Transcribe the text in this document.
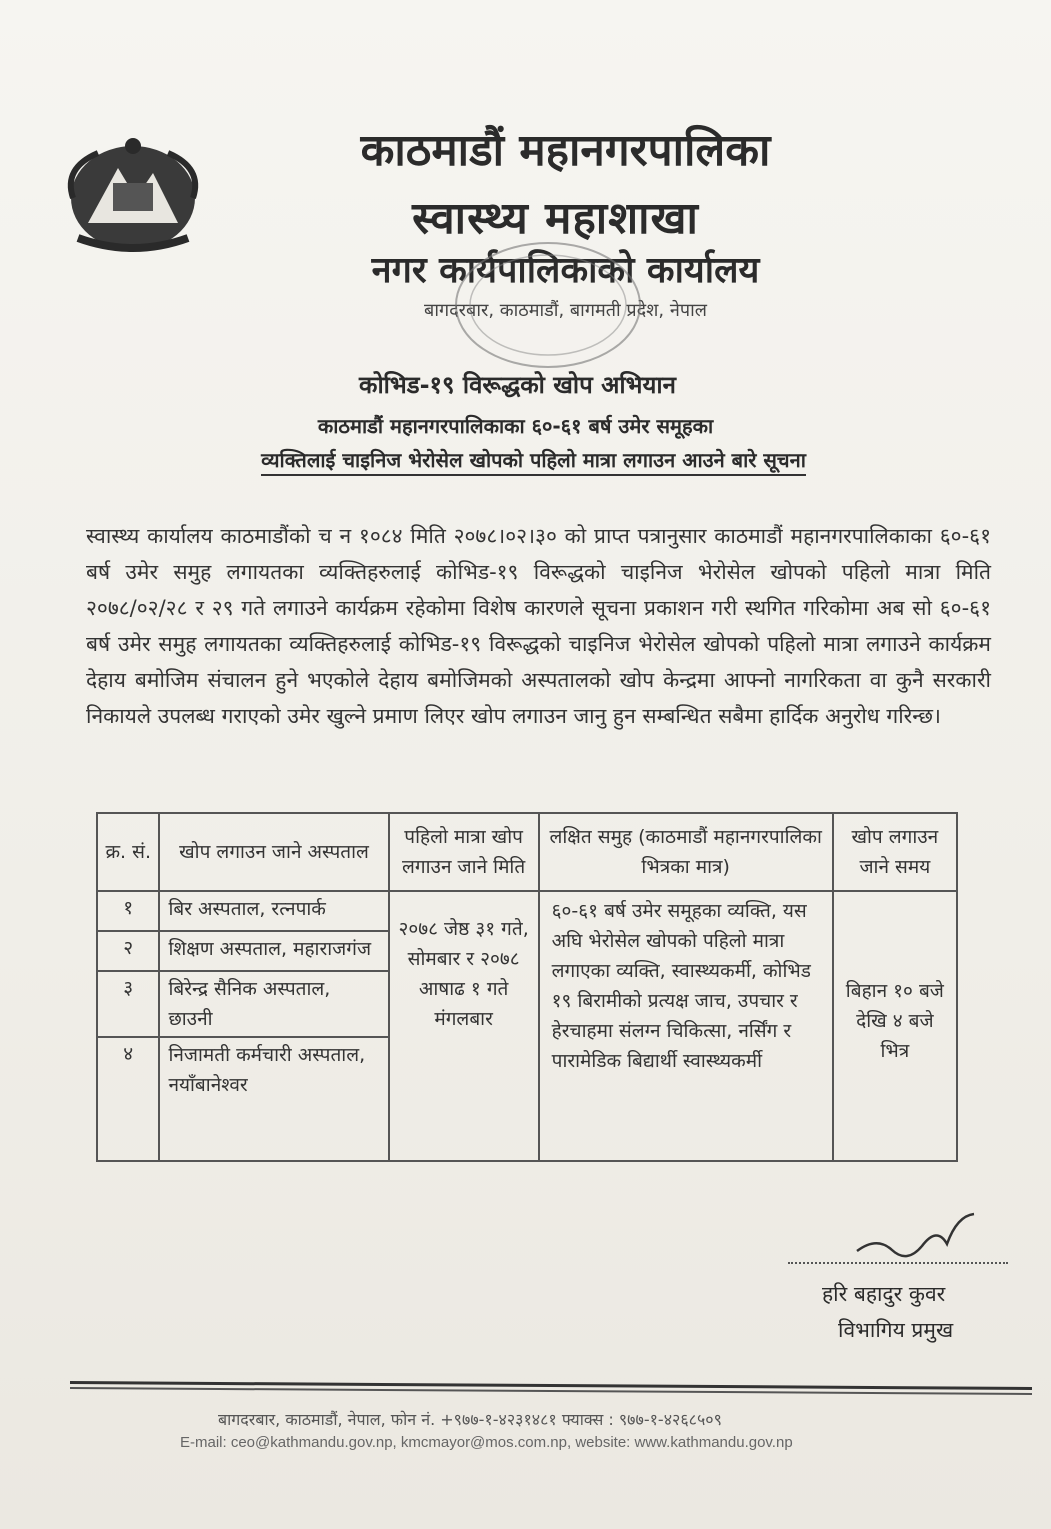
काठमाडौं महानगरपालिका
स्वास्थ्य महाशाखा
नगर कार्यपालिकाको कार्यालय
बागदरबार, काठमाडौं, बागमती प्रदेश, नेपाल
कोभिड-१९ विरूद्धको खोप अभियान
काठमाडौं महानगरपालिकाका ६०-६१ बर्ष उमेर समूहका
व्यक्तिलाई चाइनिज भेरोसेल खोपको पहिलो मात्रा लगाउन आउने बारे सूचना
स्वास्थ्य कार्यालय काठमाडौंको च न १०८४ मिति २०७८।०२।३० को प्राप्त पत्रानुसार काठमाडौं महानगरपालिकाका ६०-६१ बर्ष उमेर समुह लगायतका व्यक्तिहरुलाई कोभिड-१९ विरूद्धको चाइनिज भेरोसेल खोपको पहिलो मात्रा मिति २०७८/०२/२८ र २९ गते लगाउने कार्यक्रम रहेकोमा विशेष कारणले सूचना प्रकाशन गरी स्थगित गरिकोमा अब सो ६०-६१ बर्ष उमेर समुह लगायतका व्यक्तिहरुलाई कोभिड-१९ विरूद्धको चाइनिज भेरोसेल खोपको पहिलो मात्रा लगाउने कार्यक्रम देहाय बमोजिम संचालन हुने भएकोले देहाय बमोजिमको अस्पतालको खोप केन्द्रमा आफ्नो नागरिकता वा कुनै सरकारी निकायले उपलब्ध गराएको उमेर खुल्ने प्रमाण लिएर खोप लगाउन जानु हुन सम्बन्धित सबैमा हार्दिक अनुरोध गरिन्छ।
क्र. सं.	खोप लगाउन जाने अस्पताल	पहिलो मात्रा खोप लगाउन जाने मिति	लक्षित समुह (काठमाडौं महानगरपालिका भित्रका मात्र)	खोप लगाउन जाने समय
१	बिर अस्पताल, रत्नपार्क	२०७८ जेष्ठ ३१ गते, सोमबार र २०७८ आषाढ १ गते मंगलबार	६०-६१ बर्ष उमेर समूहका व्यक्ति, यस अघि भेरोसेल खोपको पहिलो मात्रा लगाएका व्यक्ति, स्वास्थ्यकर्मी, कोभिड १९ बिरामीको प्रत्यक्ष जाच, उपचार र हेरचाहमा संलग्न चिकित्सा, नर्सिंग र पारामेडिक बिद्यार्थी स्वास्थ्यकर्मी	बिहान १० बजे देखि ४ बजे भित्र
२	शिक्षण अस्पताल, महाराजगंज			
३	बिरेन्द्र सैनिक अस्पताल, छाउनी			
४	निजामती कर्मचारी अस्पताल, नयाँबानेश्वर			
हरि बहादुर कुवर
विभागिय प्रमुख
बागदरबार, काठमाडौं, नेपाल, फोन नं. +९७७-१-४२३१४८१ फ्याक्स : ९७७-१-४२६८५०९
E-mail: ceo@kathmandu.gov.np, kmcmayor@mos.com.np, website: www.kathmandu.gov.np
